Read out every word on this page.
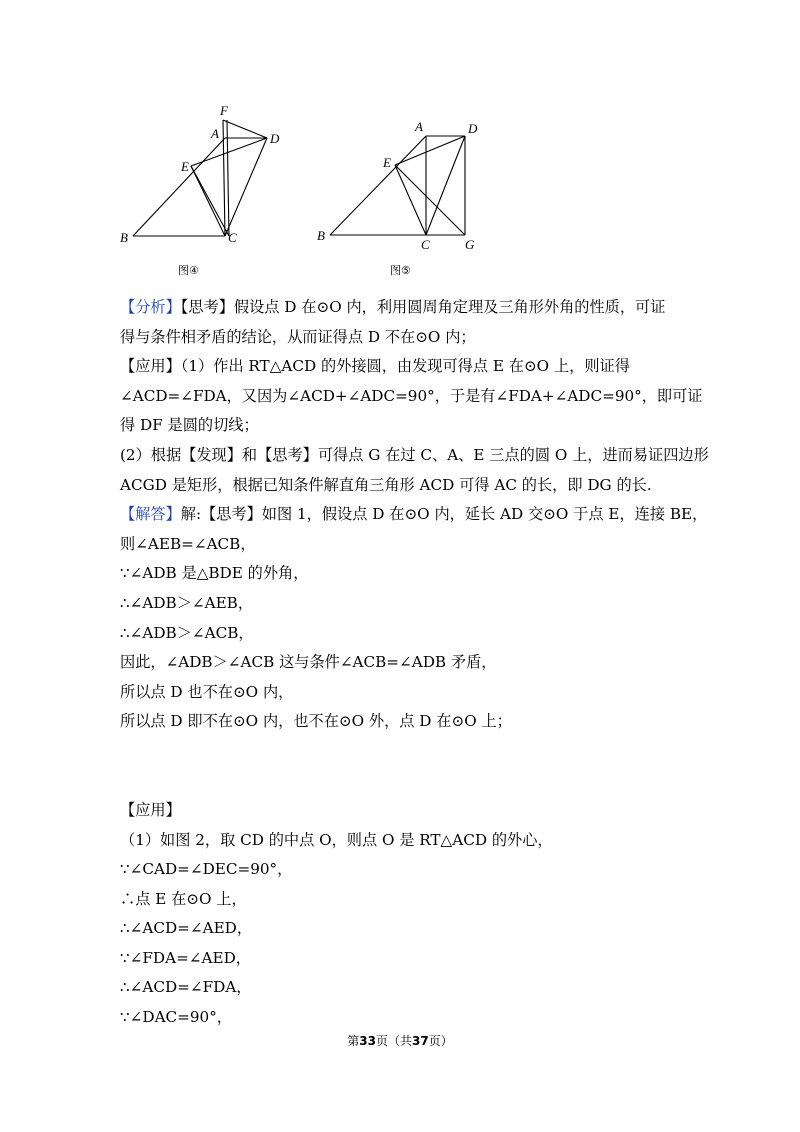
F
A	D
E
B	C
图④
A	D
E
B
C	G
图⑤
【分析】【思考】假设点 D 在⊙O 内，利用圆周角定理及三角形外角的性质，可证
得与条件相矛盾的结论，从而证得点 D 不在⊙O 内；
【应用】（1）作出 RT△ACD 的外接圆，由发现可得点 E 在⊙O 上，则证得
∠ACD=∠FDA，又因为∠ACD+∠ADC=90°，于是有∠FDA+∠ADC=90°，即可证
得 DF 是圆的切线；
(2）根据【发现】和【思考】可得点 G 在过 C、A、E 三点的圆 O 上，进而易证四边形
ACGD 是矩形，根据已知条件解直角三角形 ACD 可得 AC 的长，即 DG 的长.
【解答】解:【思考】如图 1，假设点 D 在⊙O 内，延长 AD 交⊙O 于点 E，连接 BE，
则∠AEB=∠ACB，
∵∠ADB 是△BDE 的外角，
∴∠ADB＞∠AEB，
∴∠ADB＞∠ACB，
因此，∠ADB＞∠ACB 这与条件∠ACB=∠ADB 矛盾，
所以点 D 也不在⊙O 内，
所以点 D 即不在⊙O 内，也不在⊙O 外，点 D 在⊙O 上；
【应用】
（1）如图 2，取 CD 的中点 O，则点 O 是 RT△ACD 的外心，
∵∠CAD=∠DEC=90°，
∴点 E 在⊙O 上，
∴∠ACD=∠AED，
∵∠FDA=∠AED，
∴∠ACD=∠FDA，
∵∠DAC=90°，
第33页（共37页）
